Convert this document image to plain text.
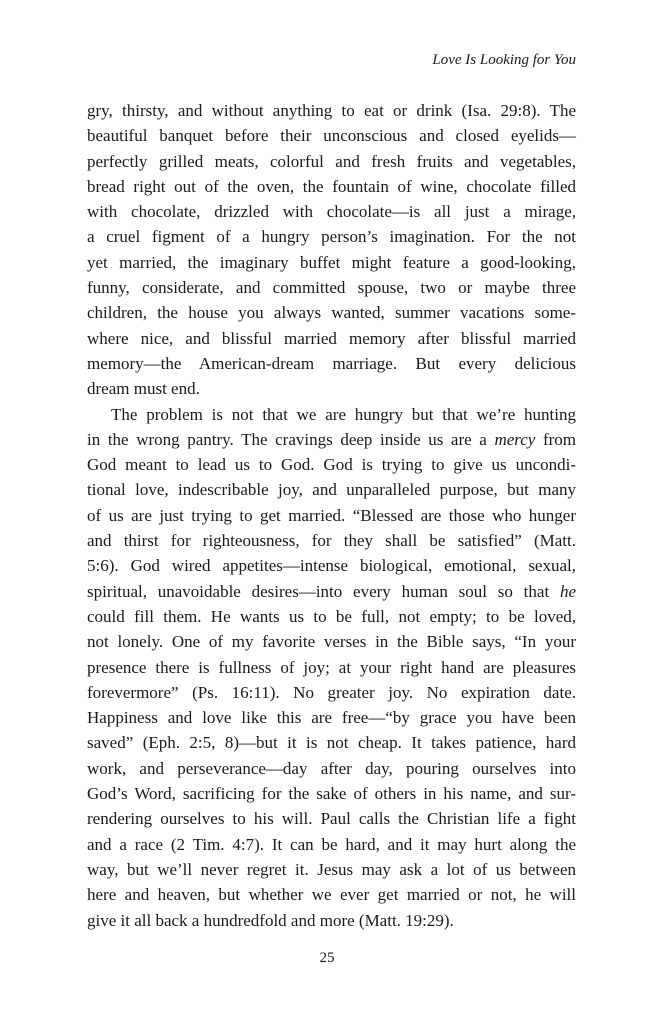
Love Is Looking for You
gry, thirsty, and without anything to eat or drink (Isa. 29:8). The
beautiful banquet before their unconscious and closed eyelids—
perfectly grilled meats, colorful and fresh fruits and vegetables,
bread right out of the oven, the fountain of wine, chocolate filled
with chocolate, drizzled with chocolate—is all just a mirage,
a cruel figment of a hungry person’s imagination. For the not
yet married, the imaginary buffet might feature a good-looking,
funny, considerate, and committed spouse, two or maybe three
children, the house you always wanted, summer vacations some-
where nice, and blissful married memory after blissful married
memory—the American-dream marriage. But every delicious
dream must end.
The problem is not that we are hungry but that we’re hunting
in the wrong pantry. The cravings deep inside us are a mercy from
God meant to lead us to God. God is trying to give us uncondi-
tional love, indescribable joy, and unparalleled purpose, but many
of us are just trying to get married. “Blessed are those who hunger
and thirst for righteousness, for they shall be satisfied” (Matt.
5:6). God wired appetites—intense biological, emotional, sexual,
spiritual, unavoidable desires—into every human soul so that he
could fill them. He wants us to be full, not empty; to be loved,
not lonely. One of my favorite verses in the Bible says, “In your
presence there is fullness of joy; at your right hand are pleasures
forevermore” (Ps. 16:11). No greater joy. No expiration date.
Happiness and love like this are free—“by grace you have been
saved” (Eph. 2:5, 8)—but it is not cheap. It takes patience, hard
work, and perseverance—day after day, pouring ourselves into
God’s Word, sacrificing for the sake of others in his name, and sur-
rendering ourselves to his will. Paul calls the Christian life a fight
and a race (2 Tim. 4:7). It can be hard, and it may hurt along the
way, but we’ll never regret it. Jesus may ask a lot of us between
here and heaven, but whether we ever get married or not, he will
give it all back a hundredfold and more (Matt. 19:29).
25
